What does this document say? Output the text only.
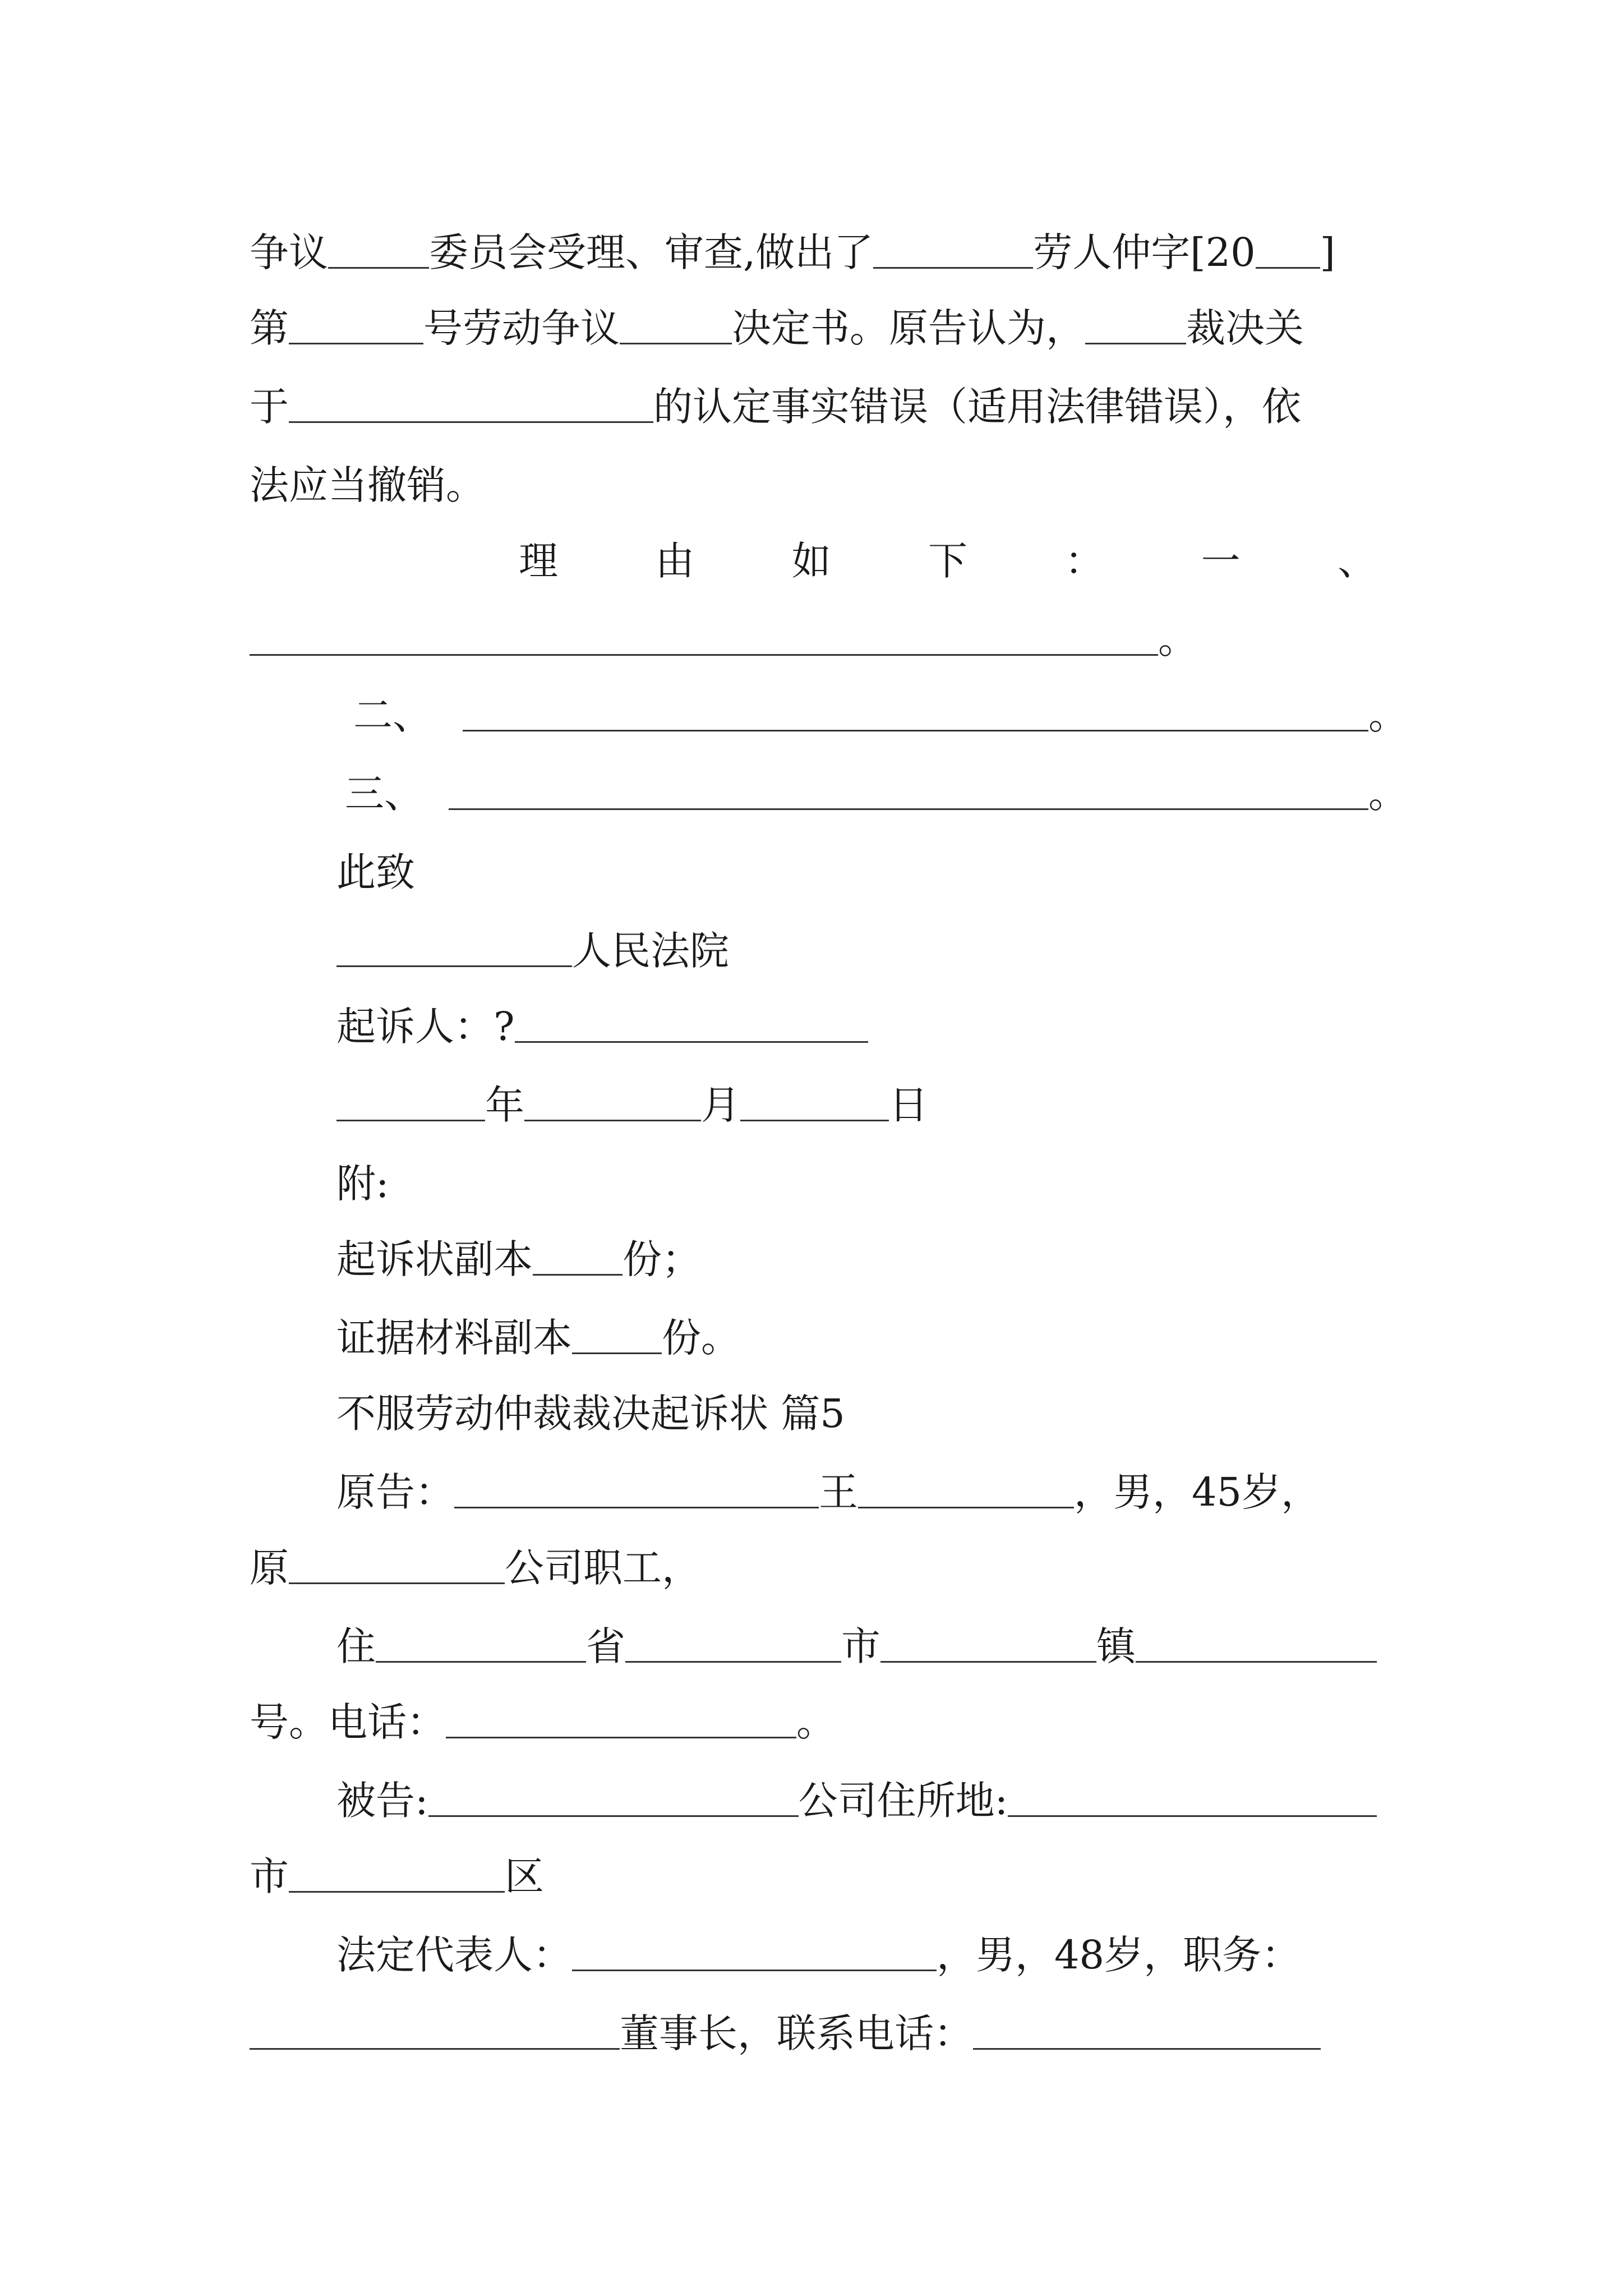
争议	委员会受理、审查,做出了	劳人仲字[20 ]
第	号劳动争议	决定书。原告认为，	裁决关
于	的认定事实错误（适用法律错误），依
法应当撤销。
理 由 如 下 ： 一 、
。
二、	。
三、	。
此致
人民法院
起诉人：?
年	月	日
附:
起诉状副本 份；
证据材料副本 份。
不服劳动仲裁裁决起诉状 篇5
原告：	王	，男，45岁，
原	公司职工，
住	省	市	镇
号。电话：	。
被告:	公司住所地:
市	区
法定代表人：	，男，48岁，职务：
董事长，联系电话：
